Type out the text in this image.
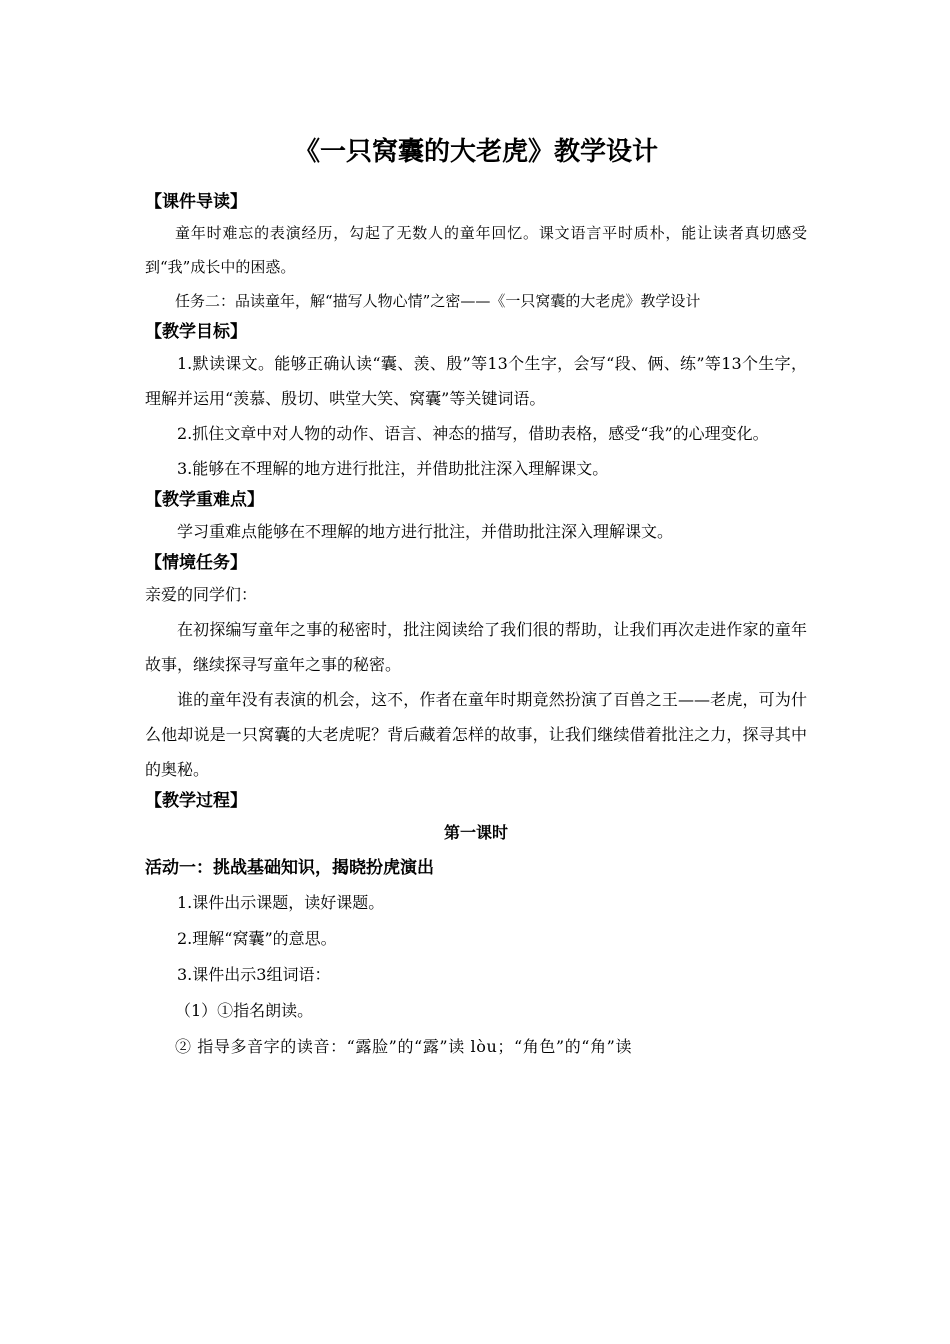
《一只窝囊的大老虎》教学设计

【课件导读】

童年时难忘的表演经历，勾起了无数人的童年回忆。课文语言平时质朴，能让读者真切感受到“我”成长中的困惑。

任务二：品读童年，解“描写人物心情”之密——《一只窝囊的大老虎》教学设计

【教学目标】

1.默读课文。能够正确认读“囊、羡、殷”等13个生字，会写“段、俩、练”等13个生字，理解并运用“羡慕、殷切、哄堂大笑、窝囊”等关键词语。

2.抓住文章中对人物的动作、语言、神态的描写，借助表格，感受“我”的心理变化。

3.能够在不理解的地方进行批注，并借助批注深入理解课文。

【教学重难点】

学习重难点能够在不理解的地方进行批注，并借助批注深入理解课文。

【情境任务】

亲爱的同学们：

在初探编写童年之事的秘密时，批注阅读给了我们很的帮助，让我们再次走进作家的童年故事，继续探寻写童年之事的秘密。

谁的童年没有表演的机会，这不，作者在童年时期竟然扮演了百兽之王——老虎，可为什么他却说是一只窝囊的大老虎呢？背后藏着怎样的故事，让我们继续借着批注之力，探寻其中的奥秘。

【教学过程】

第一课时

活动一：挑战基础知识，揭晓扮虎演出

1.课件出示课题，读好课题。

2.理解“窝囊”的意思。

3.课件出示3组词语：

（1）①指名朗读。

② 指导多音字的读音：“露脸”的“露”读 lòu；“角色”的“角”读
